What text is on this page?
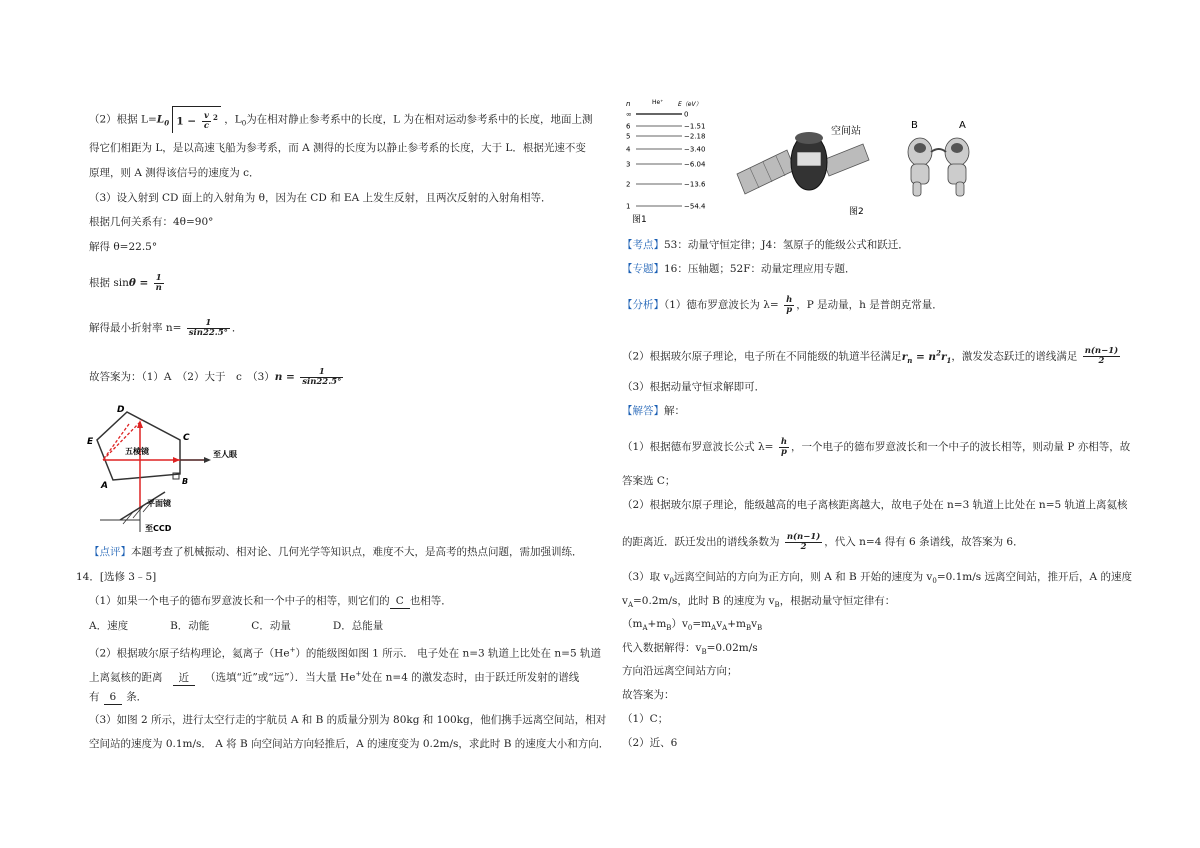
（2）根据 $L=L_0$ $1 - \frac{v}{c} ^2$ ，$L_0$为在相对静止参考系中的长度，L 为在相对运动参考系中的长度，地面上测
得它们相距为 L，是以高速飞船为参考系，而 A 测得的长度为以静止参考系的长度，大于 L．根据光速不变
原理，则 A 测得该信号的速度为 c．
（3）设入射到 CD 面上的入射角为 θ，因为在 CD 和 EA 上发生反射，且两次反射的入射角相等．
根据几何关系有：4θ=90°
解得 θ=22.5°
根据 $\sin\theta = \frac{1}{n}$
解得最小折射率 $n= \frac{1}{\sin 22.5^\circ}$ ．
故答案为：（1）A　（2）大于　c　$(3)n = \frac{1}{\sin 22.5^\circ}$
D
C
E
A	B
五棱镜	至人眼
平面镜
至CCD
【点评】本题考查了机械振动、相对论、几何光学等知识点，难度不大，是高考的热点问题，需加强训练．
14．[选修 3﹣5]
（1）如果一个电子的德布罗意波长和一个中子的相等，则它们的 C 也相等．
A．速度　　　　B．动能　　　　C．动量　　　　D．总能量
（2）根据玻尔原子结构理论，氦离子（He+）的能级图如图 1 所示． 电子处在 n=3 轨道上比处在 n=5 轨道
上离氦核的距离 近 （选填“近”或“远”）．当大量 He+处在 n=4 的激发态时，由于跃迁所发射的谱线
有 6 条．
（3）如图 2 所示，进行太空行走的宇航员 A 和 B 的质量分别为 80kg 和 100kg，他们携手远离空间站，相对
空间站的速度为 0.1m/s． A 将 B 向空间站方向轻推后，A 的速度变为 0.2m/s，求此时 B 的速度大小和方向．
n	He⁺ E（eV）
∞	0
6	−1.51
5	−2.18
4	−3.40
3	−6.04
2	−13.6
1	−54.4
图1
空间站
B	A
图2
【考点】53：动量守恒定律；J4：氢原子的能级公式和跃迁．
【专题】16：压轴题；52F：动量定理应用专题．
【分析】（1）德布罗意波长为 $\lambda= \frac{h}{p}$ ，P 是动量，h 是普朗克常量．
（2）根据玻尔原子理论，电子所在不同能级的轨道半径满足$r_n = n^2r_1$，激发发态跃迁的谱线满足 $\frac{n(n-1)}{2}$
（3）根据动量守恒求解即可．
【解答】解：
（1）根据德布罗意波长公式 $\lambda= \frac{h}{p}$ ，一个电子的德布罗意波长和一个中子的波长相等，则动量 P 亦相等，故
答案选 C；
（2）根据玻尔原子理论，能级越高的电子离核距离越大，故电子处在 n=3 轨道上比处在 n=5 轨道上离氦核
的距离近．跃迁发出的谱线条数为 $\frac{n(n-1)}{2}$ ，代入 n=4 得有 6 条谱线，故答案为 6．
（3）取 $v_0$远离空间站的方向为正方向，则 A 和 B 开始的速度为 $v_0=0.1m/s$ 远离空间站，推开后，A 的速度
$v_A=0.2m/s$，此时 B 的速度为 $v_B$，根据动量守恒定律有：
$(m_A+m_B)v_0=m_Av_A+m_Bv_B$
代入数据解得：$v_B=0.02m/s$
方向沿远离空间站方向；
故答案为：
（1）C；
（2）近、6
